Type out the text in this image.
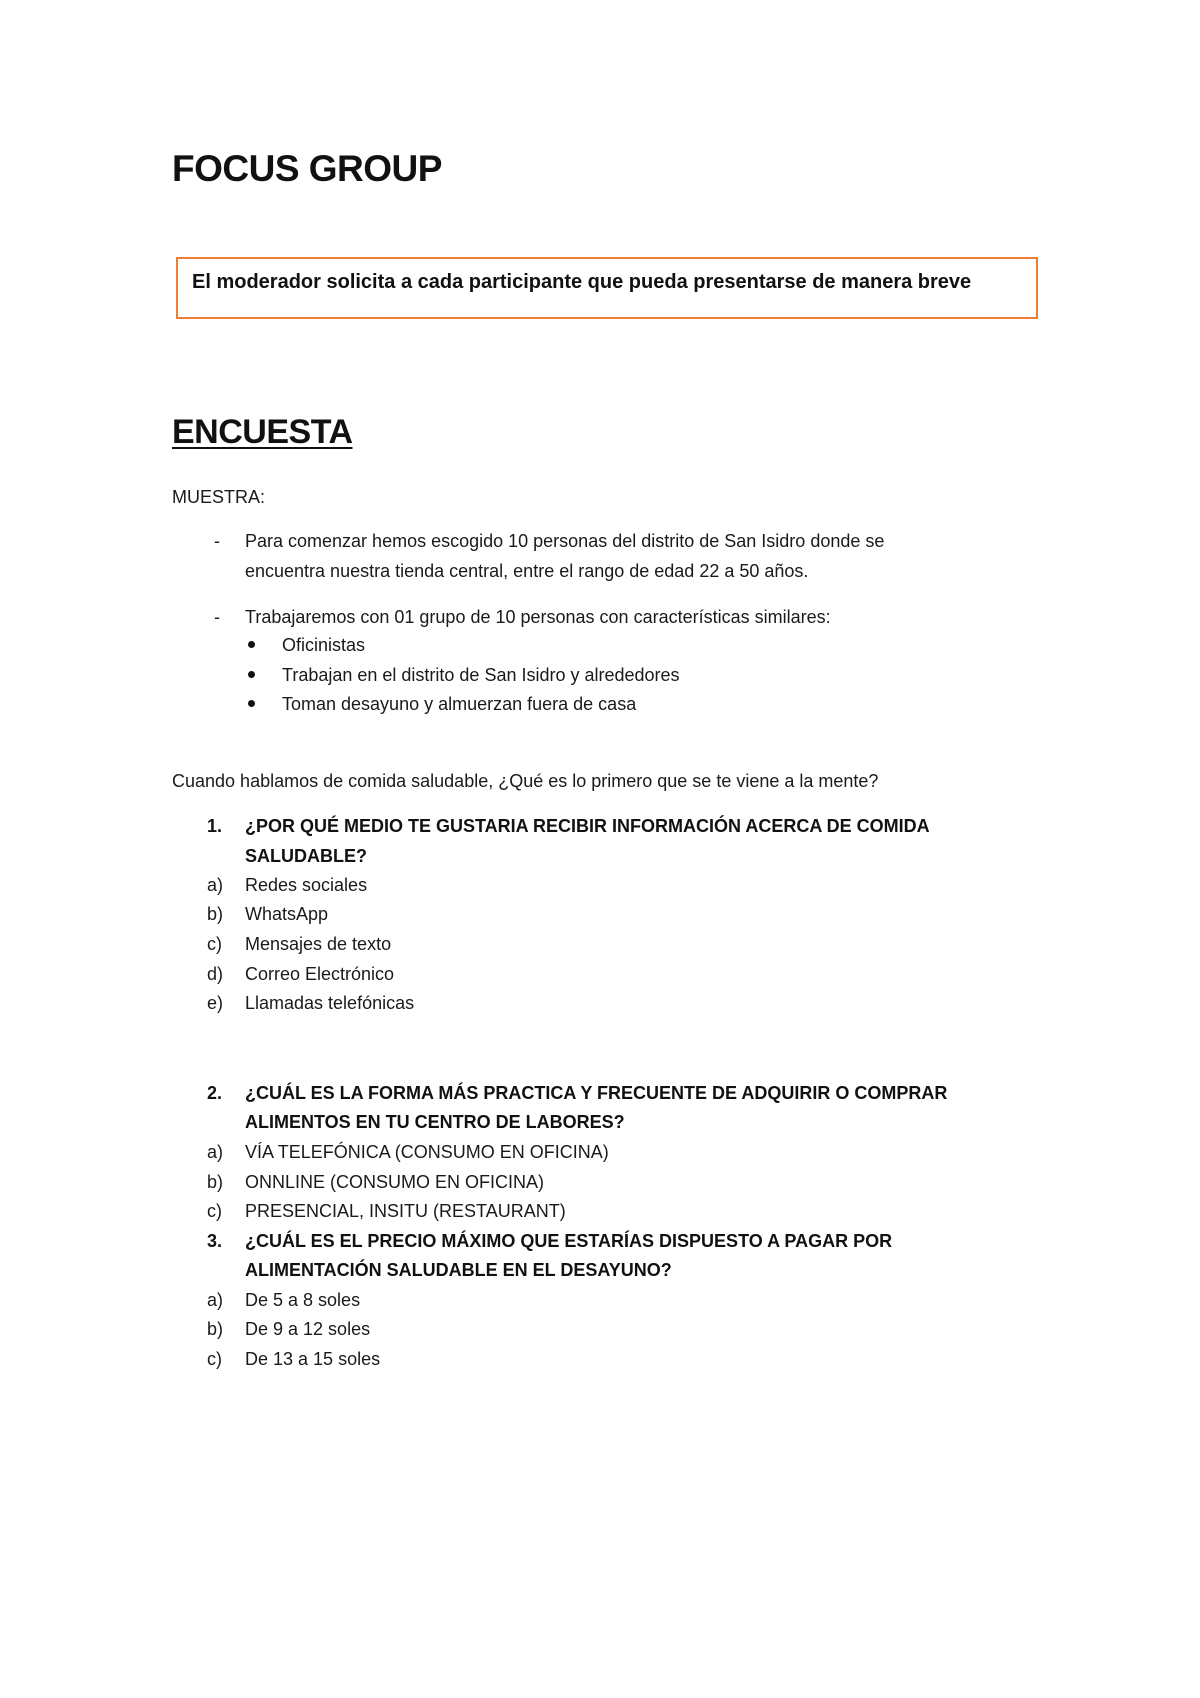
FOCUS GROUP
El moderador solicita a cada participante que pueda presentarse de manera breve
ENCUESTA
MUESTRA:
- Para comenzar hemos escogido 10 personas del distrito de San Isidro donde se
encuentra nuestra tienda central, entre el rango de edad 22 a 50 años.
- Trabajaremos con 01 grupo de 10 personas con características similares:
Oficinistas
Trabajan en el distrito de San Isidro y alrededores
Toman desayuno y almuerzan fuera de casa
Cuando hablamos de comida saludable, ¿Qué es lo primero que se te viene a la mente?
1. ¿POR QUÉ MEDIO TE GUSTARIA RECIBIR INFORMACIÓN ACERCA DE COMIDA
SALUDABLE?
a) Redes sociales
b) WhatsApp
c) Mensajes de texto
d) Correo Electrónico
e) Llamadas telefónicas
2. ¿CUÁL ES LA FORMA MÁS PRACTICA Y FRECUENTE DE ADQUIRIR O COMPRAR
ALIMENTOS EN TU CENTRO DE LABORES?
a) VÍA TELEFÓNICA (CONSUMO EN OFICINA)
b) ONNLINE (CONSUMO EN OFICINA)
c) PRESENCIAL, INSITU (RESTAURANT)
3. ¿CUÁL ES EL PRECIO MÁXIMO QUE ESTARÍAS DISPUESTO A PAGAR POR
ALIMENTACIÓN SALUDABLE EN EL DESAYUNO?
a) De 5 a 8 soles
b) De 9 a 12 soles
c) De 13 a 15 soles
